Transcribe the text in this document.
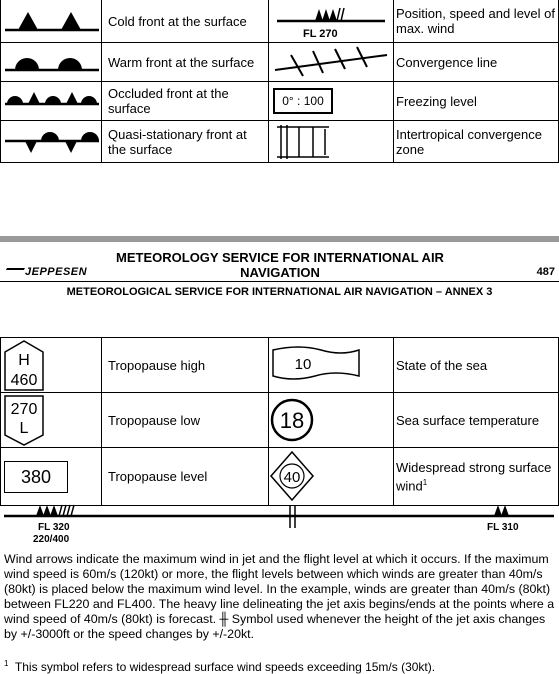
	Cold front at the surface	FL 270	Position, speed and level of max. wind

	Warm front at the surface		Convergence line

	Occluded front at the surface	0° : 100	Freezing level

	Quasi-stationary front at the surface		Intertropical convergence zone
METEOROLOGY SERVICE FOR INTERNATIONAL AIR NAVIGATION
JEPPESEN	487
METEOROLOGICAL SERVICE FOR INTERNATIONAL AIR NAVIGATION – ANNEX 3
H
460	Tropopause high	10	State of the sea

270
L	Tropopause low	18	Sea surface temperature

380	Tropopause level	40	Widespread strong surface wind$^1$
FL 320
220/400
FL 310
Wind arrows indicate the maximum wind in jet and the flight level at which it occurs. If the maximum wind speed is 60m/s (120kt) or more, the flight levels between which winds are greater than 40m/s (80kt) is placed below the maximum wind level. In the example, winds are greater than 40m/s (80kt) between FL220 and FL400. The heavy line delineating the jet axis begins/ends at the points where a wind speed of 40m/s (80kt) is forecast. ╫ Symbol used whenever the height of the jet axis changes by +/-3000ft or the speed changes by +/-20kt.
$^1$ This symbol refers to widespread surface wind speeds exceeding 15m/s (30kt).
